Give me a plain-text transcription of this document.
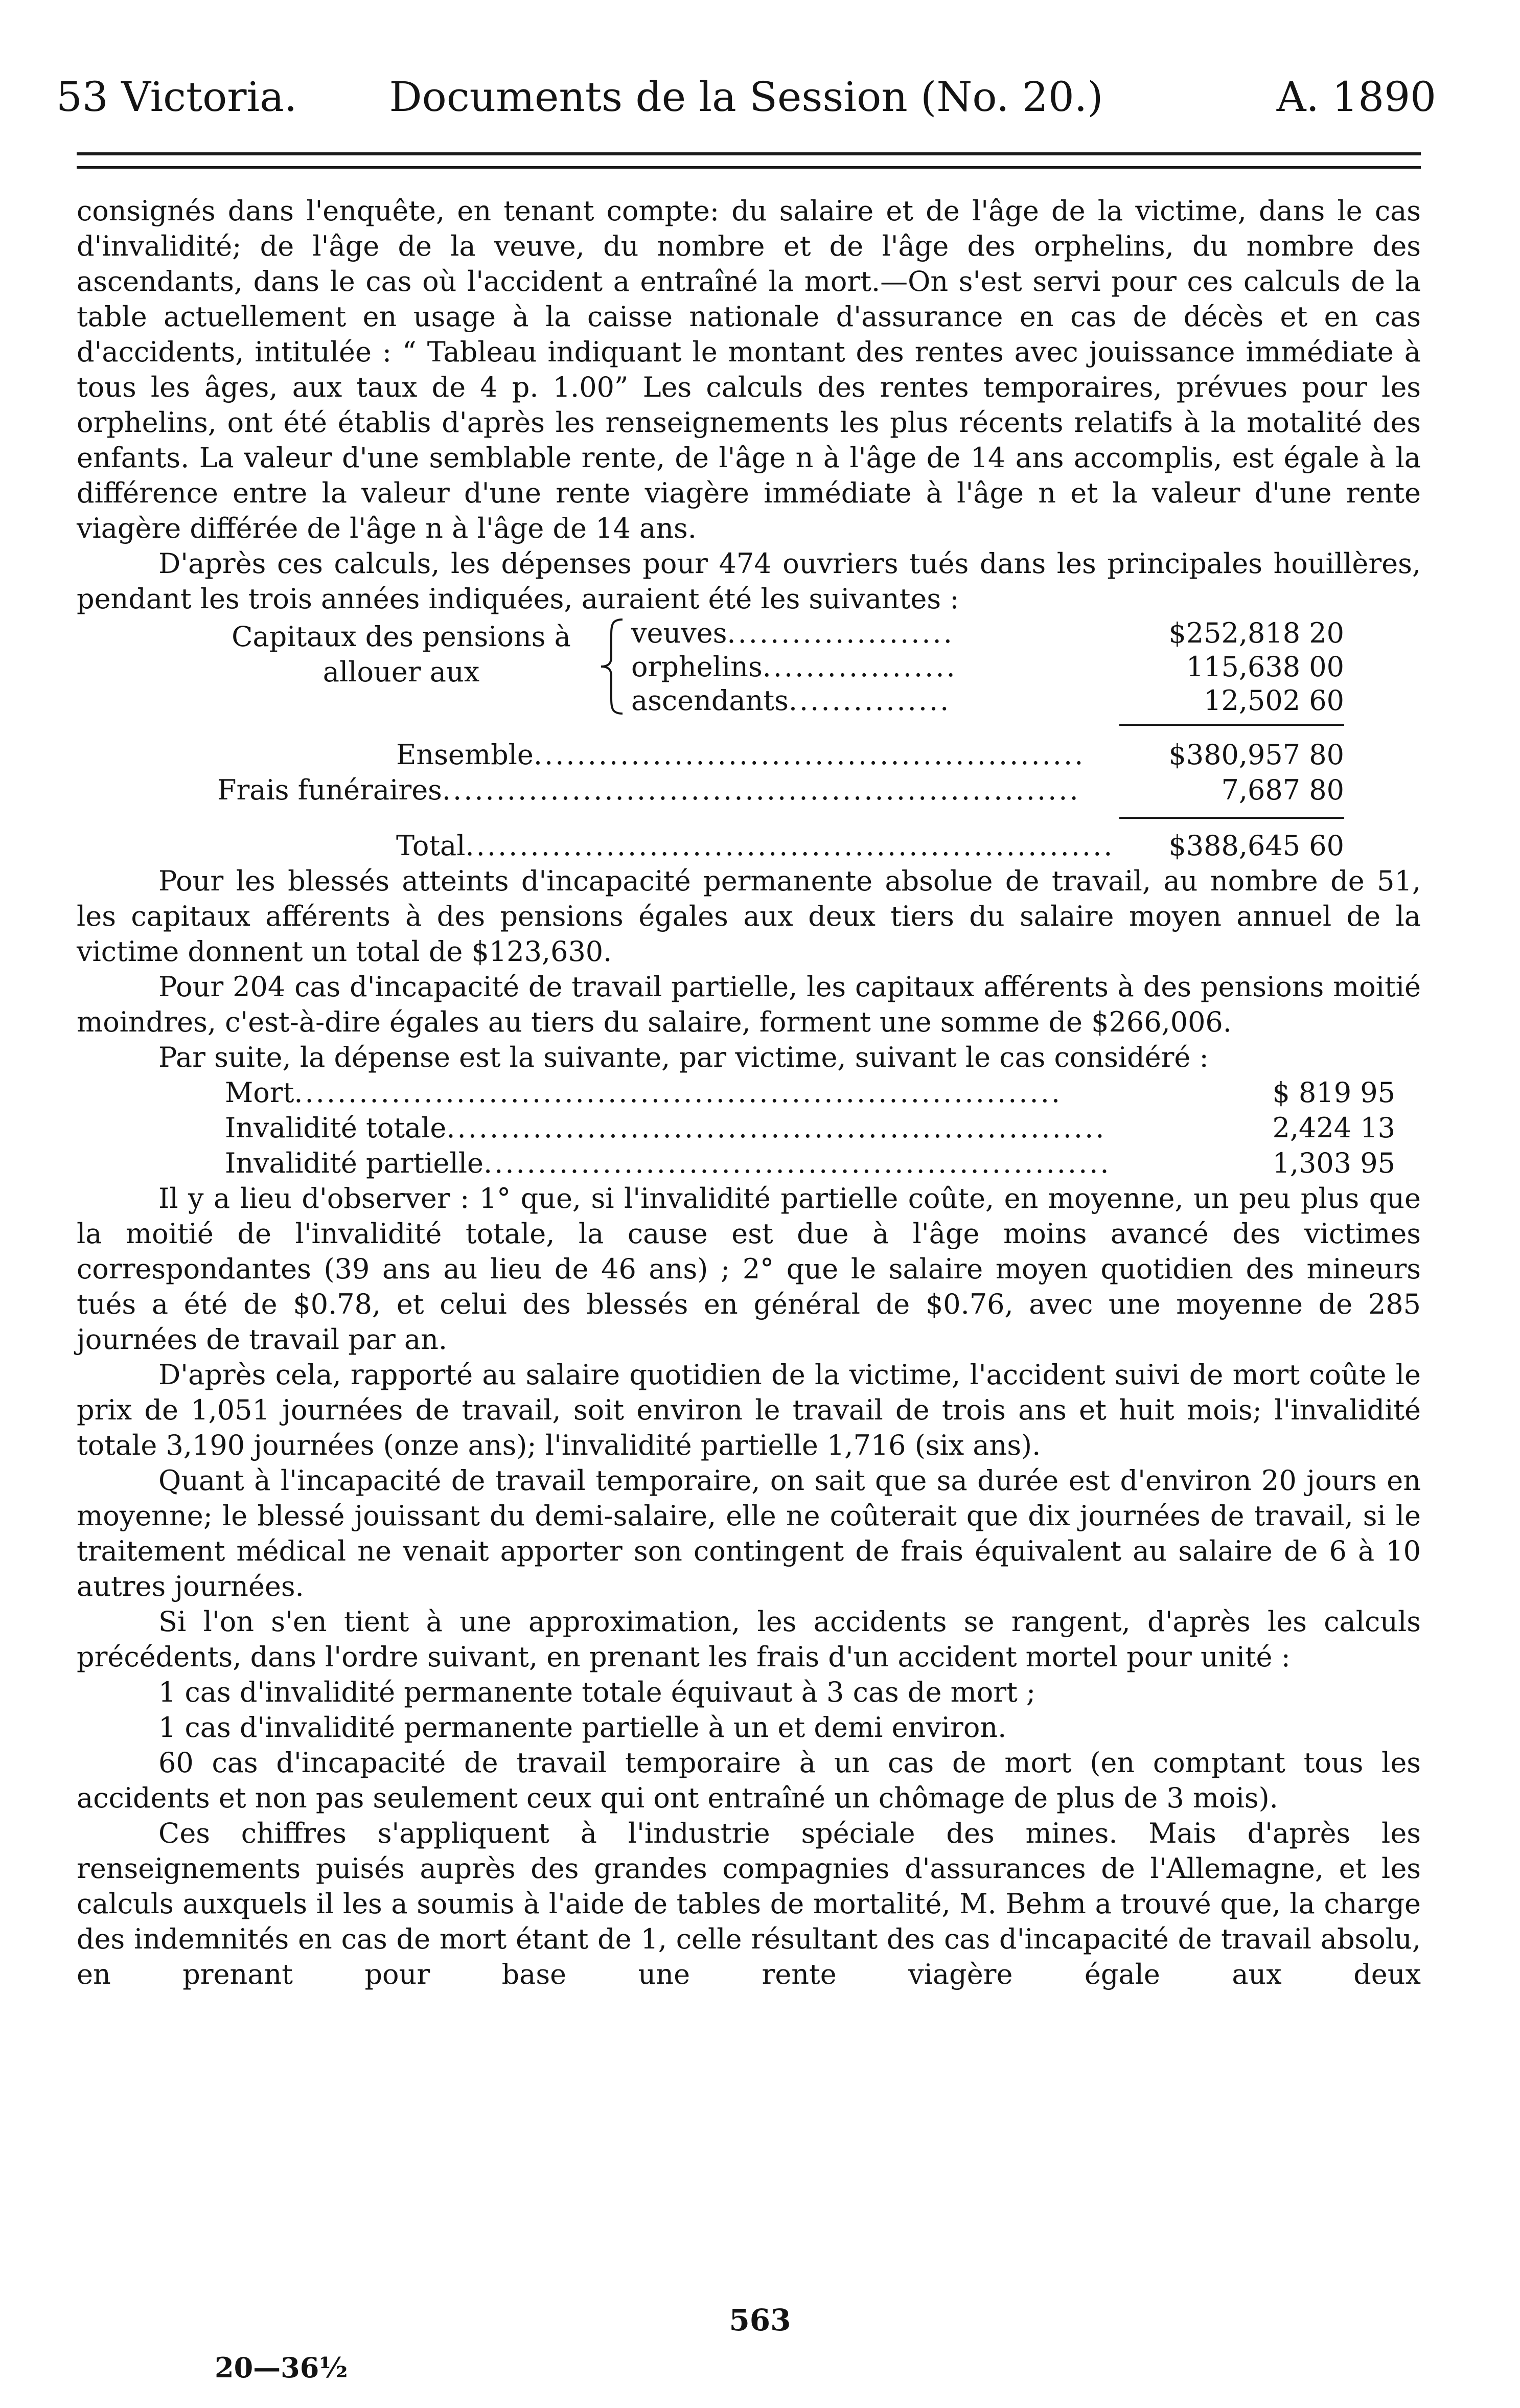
53 Victoria.	Documents de la Session (No. 20.)	A. 1890

consignés dans l'enquête, en tenant compte: du salaire et de l'âge de la victime, dans le cas d'invalidité; de l'âge de la veuve, du nombre et de l'âge des orphelins, du nombre des ascendants, dans le cas où l'accident a entraîné la mort.—On s'est servi pour ces calculs de la table actuellement en usage à la caisse nationale d'assurance en cas de décès et en cas d'accidents, intitulée : “ Tableau indiquant le montant des rentes avec jouissance immédiate à tous les âges, aux taux de 4 p. 1.00” Les calculs des rentes temporaires, prévues pour les orphelins, ont été établis d'après les renseignements les plus récents relatifs à la motalité des enfants. La valeur d'une semblable rente, de l'âge n à l'âge de 14 ans accomplis, est égale à la différence entre la valeur d'une rente viagère immédiate à l'âge n et la valeur d'une rente viagère différée de l'âge n à l'âge de 14 ans.

D'après ces calculs, les dépenses pour 474 ouvriers tués dans les principales houillères, pendant les trois années indiquées, auraient été les suivantes :

Capitaux des pensions à allouer aux
veuves.....................	$252,818 20
orphelins..................	115,638 00
ascendants...............	12,502 60
Ensemble...................................................	$380,957 80
Frais funéraires...........................................................	7,687 80
Total............................................................ $388,645 60

Pour les blessés atteints d'incapacité permanente absolue de travail, au nombre de 51, les capitaux afférents à des pensions égales aux deux tiers du salaire moyen annuel de la victime donnent un total de $123,630.

Pour 204 cas d'incapacité de travail partielle, les capitaux afférents à des pensions moitié moindres, c'est-à-dire égales au tiers du salaire, forment une somme de $266,006.

Par suite, la dépense est la suivante, par victime, suivant le cas considéré :

Mort.......................................................................	$ 819 95
Invalidité totale.............................................................	2,424 13
Invalidité partielle..........................................................	1,303 95

Il y a lieu d'observer : 1° que, si l'invalidité partielle coûte, en moyenne, un peu plus que la moitié de l'invalidité totale, la cause est due à l'âge moins avancé des victimes correspondantes (39 ans au lieu de 46 ans) ; 2° que le salaire moyen quotidien des mineurs tués a été de $0.78, et celui des blessés en général de $0.76, avec une moyenne de 285 journées de travail par an.

D'après cela, rapporté au salaire quotidien de la victime, l'accident suivi de mort coûte le prix de 1,051 journées de travail, soit environ le travail de trois ans et huit mois; l'invalidité totale 3,190 journées (onze ans); l'invalidité partielle 1,716 (six ans).

Quant à l'incapacité de travail temporaire, on sait que sa durée est d'environ 20 jours en moyenne; le blessé jouissant du demi-salaire, elle ne coûterait que dix journées de travail, si le traitement médical ne venait apporter son contingent de frais équivalent au salaire de 6 à 10 autres journées.

Si l'on s'en tient à une approximation, les accidents se rangent, d'après les calculs précédents, dans l'ordre suivant, en prenant les frais d'un accident mortel pour unité :

1 cas d'invalidité permanente totale équivaut à 3 cas de mort ;

1 cas d'invalidité permanente partielle à un et demi environ.

60 cas d'incapacité de travail temporaire à un cas de mort (en comptant tous les accidents et non pas seulement ceux qui ont entraîné un chômage de plus de 3 mois).

Ces chiffres s'appliquent à l'industrie spéciale des mines. Mais d'après les renseignements puisés auprès des grandes compagnies d'assurances de l'Allemagne, et les calculs auxquels il les a soumis à l'aide de tables de mortalité, M. Behm a trouvé que, la charge des indemnités en cas de mort étant de 1, celle résultant des cas d'incapacité de travail absolu, en prenant pour base une rente viagère égale aux deux

563
20—36½
